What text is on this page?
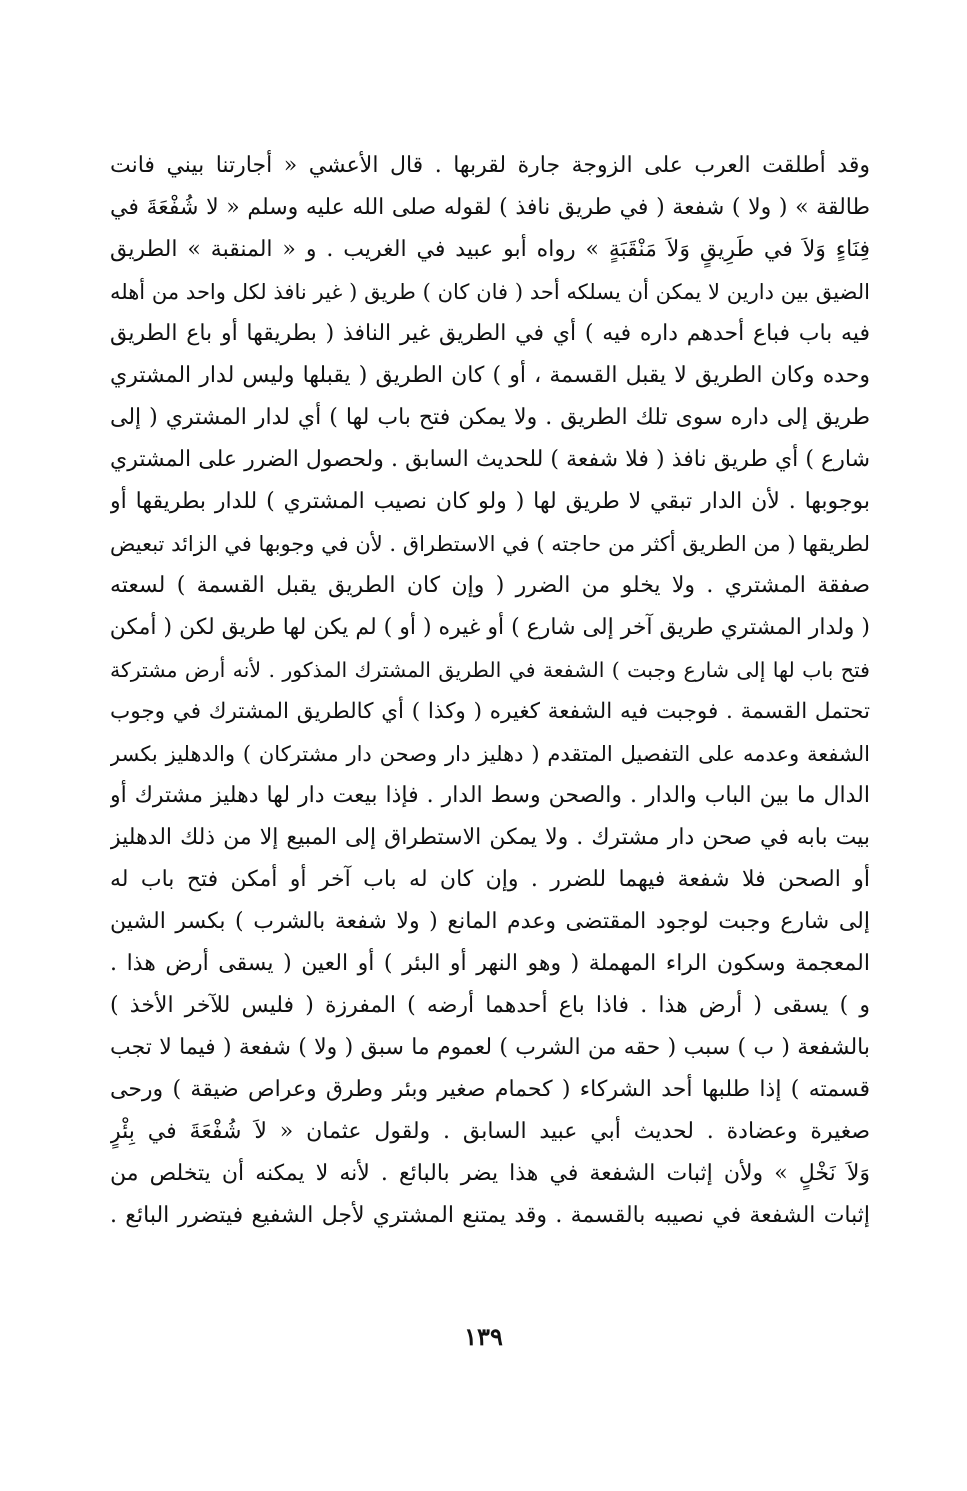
وقد أطلقت العرب على الزوجة جارة لقربها . قال الأعشي « أجارتنا بيني فانت
طالقة » ( ولا ) شفعة ( في طريق نافذ ) لقوله صلى الله عليه وسلم « لا شُفْعَةَ في
فِنَاءٍ وَلاَ في طَرِيقٍ وَلاَ مَنْقَبَةٍ » رواه أبو عبيد في الغريب . و « المنقبة » الطريق
الضيق بين دارين لا يمكن أن يسلكه أحد ( فان كان ) طريق ( غير نافذ لكل واحد من أهله
فيه باب فباع أحدهم داره فيه ) أي في الطريق غير النافذ ( بطريقها أو باع الطريق
وحده وكان الطريق لا يقبل القسمة ، أو ) كان الطريق ( يقبلها وليس لدار المشتري
طريق إلى داره سوى تلك الطريق . ولا يمكن فتح باب لها ) أي لدار المشتري ( إلى
شارع ) أي طريق نافذ ( فلا شفعة ) للحديث السابق . ولحصول الضرر على المشتري
بوجوبها . لأن الدار تبقي لا طريق لها ( ولو كان نصيب المشتري ) للدار بطريقها أو
لطريقها ( من الطريق أكثر من حاجته ) في الاستطراق . لأن في وجوبها في الزائد تبعيض
صفقة المشتري . ولا يخلو من الضرر ( وإن كان الطريق يقبل القسمة ) لسعته
( ولدار المشتري طريق آخر إلى شارع ) أو غيره ( أو ) لم يكن لها طريق لكن ( أمكن
فتح باب لها إلى شارع وجبت ) الشفعة في الطريق المشترك المذكور . لأنه أرض مشتركة
تحتمل القسمة . فوجبت فيه الشفعة كغيره ( وكذا ) أي كالطريق المشترك في وجوب
الشفعة وعدمه على التفصيل المتقدم ( دهليز دار وصحن دار مشتركان ) والدهليز بكسر
الدال ما بين الباب والدار . والصحن وسط الدار . فإذا بيعت دار لها دهليز مشترك أو
بيت بابه في صحن دار مشترك . ولا يمكن الاستطراق إلى المبيع إلا من ذلك الدهليز
أو الصحن فلا شفعة فيهما للضرر . وإن كان له باب آخر أو أمكن فتح باب له
إلى شارع وجبت لوجود المقتضى وعدم المانع ( ولا شفعة بالشرب ) بكسر الشين
المعجمة وسكون الراء المهملة ( وهو النهر أو البئر ) أو العين ( يسقى أرض هذا .
و ) يسقى ( أرض هذا . فاذا باع أحدهما أرضه ) المفرزة ( فليس للآخر الأخذ )
بالشفعة ( ب ) سبب ( حقه من الشرب ) لعموم ما سبق ( ولا ) شفعة ( فيما لا تجب
قسمته ) إذا طلبها أحد الشركاء ( كحمام صغير وبئر وطرق وعراص ضيقة ) ورحى
صغيرة وعضادة . لحديث أبي عبيد السابق . ولقول عثمان « لاَ شُفْعَةَ في بِئْرٍ
وَلاَ نَخْلٍ » ولأن إثبات الشفعة في هذا يضر بالبائع . لأنه لا يمكنه أن يتخلص من
إثبات الشفعة في نصيبه بالقسمة . وقد يمتنع المشتري لأجل الشفيع فيتضرر البائع .
١٣٩
